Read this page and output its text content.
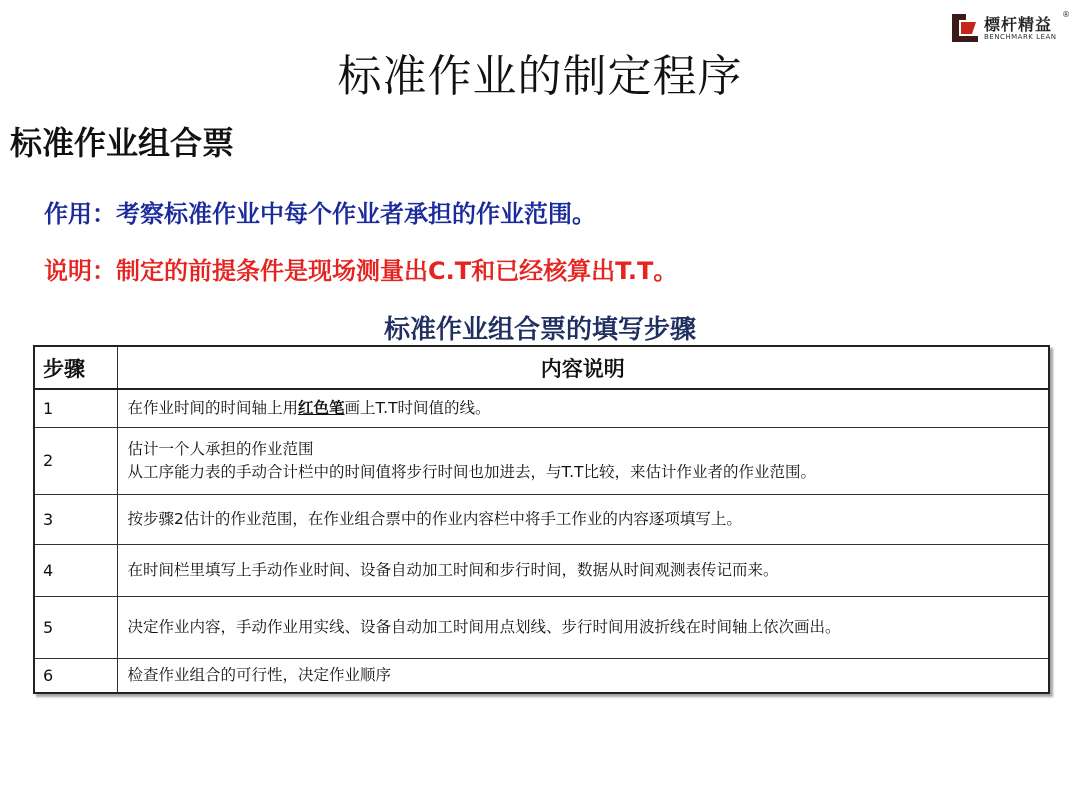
標杆精益
®
BENCHMARK LEAN
标准作业的制定程序
标准作业组合票
作用：考察标准作业中每个作业者承担的作业范围。
说明：制定的前提条件是现场测量出C.T和已经核算出T.T。
标准作业组合票的填写步骤
步骤	内容说明
1	在作业时间的时间轴上用红色笔画上T.T时间值的线。
2	估计一个人承担的作业范围
从工序能力表的手动合计栏中的时间值将步行时间也加进去，与T.T比较，来估计作业者的作业范围。

3	按步骤2估计的作业范围，在作业组合票中的作业内容栏中将手工作业的内容逐项填写上。
4	在时间栏里填写上手动作业时间、设备自动加工时间和步行时间，数据从时间观测表传记而来。
5	决定作业内容，手动作业用实线、设备自动加工时间用点划线、步行时间用波折线在时间轴上依次画出。
6	检查作业组合的可行性，决定作业顺序
